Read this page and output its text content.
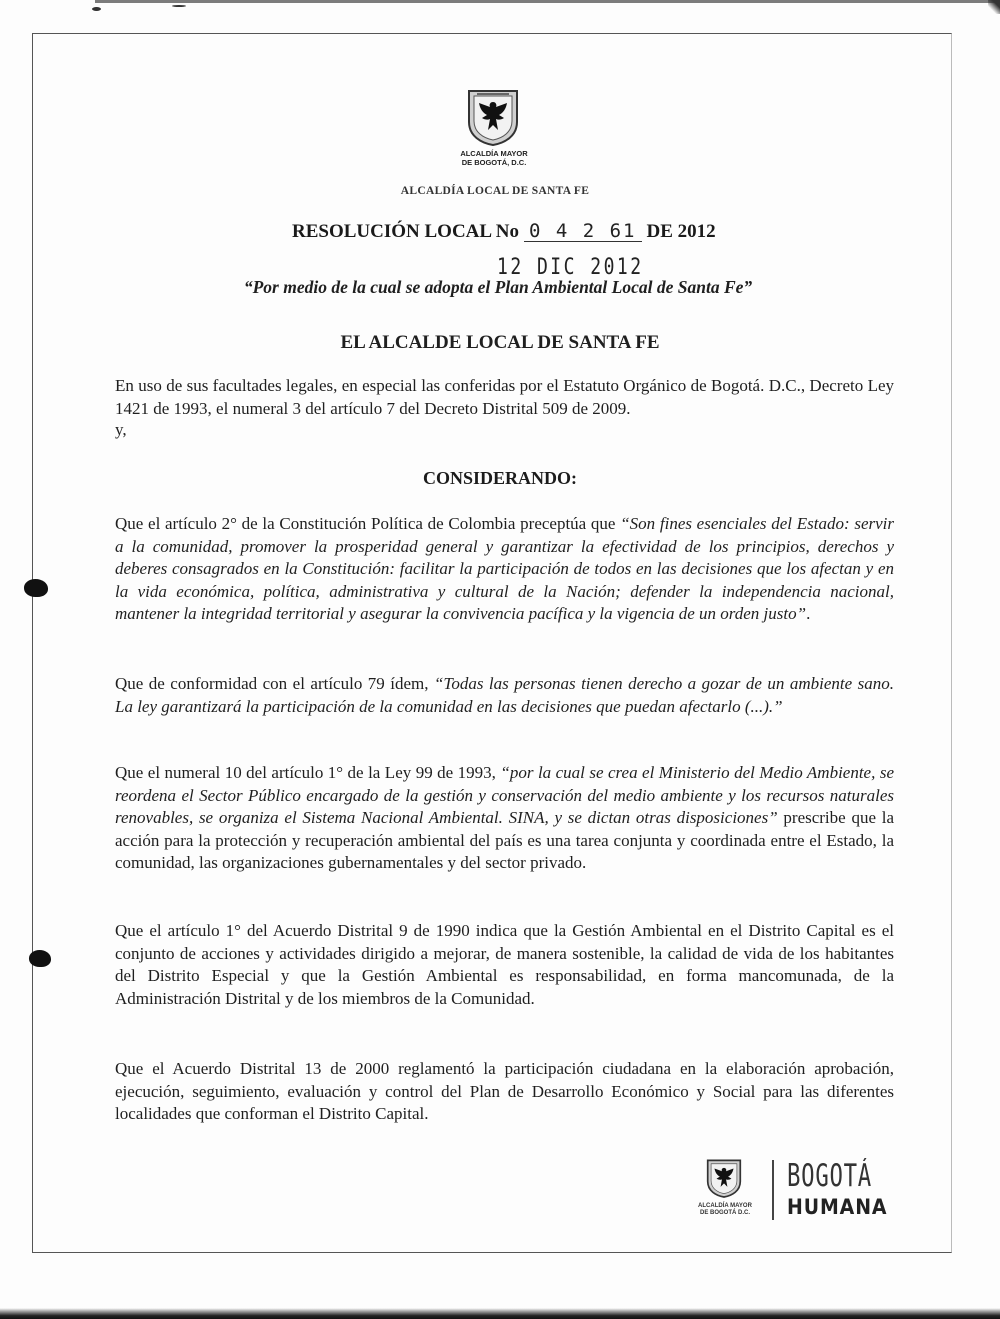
ALCALDÍA MAYOR
DE BOGOTÁ, D.C.
ALCALDÍA LOCAL DE SANTA FE
RESOLUCIÓN LOCAL No 0 4 2 61 DE 2012
12 DIC 2012
“Por medio de la cual se adopta el Plan Ambiental Local de Santa Fe”
EL ALCALDE LOCAL DE SANTA FE
En uso de sus facultades legales, en especial las conferidas por el Estatuto Orgánico de Bogotá. D.C., Decreto Ley 1421 de 1993, el numeral 3 del artículo 7 del Decreto Distrital 509 de 2009.
y,
CONSIDERANDO:
Que el artículo 2° de la Constitución Política de Colombia preceptúa que “Son fines esenciales del Estado: servir a la comunidad, promover la prosperidad general y garantizar la efectividad de los principios, derechos y deberes consagrados en la Constitución: facilitar la participación de todos en las decisiones que los afectan y en la vida económica, política, administrativa y cultural de la Nación; defender la independencia nacional, mantener la integridad territorial y asegurar la convivencia pacífica y la vigencia de un orden justo”.
Que de conformidad con el artículo 79 ídem, “Todas las personas tienen derecho a gozar de un ambiente sano. La ley garantizará la participación de la comunidad en las decisiones que puedan afectarlo (...).”
Que el numeral 10 del artículo 1° de la Ley 99 de 1993, “por la cual se crea el Ministerio del Medio Ambiente, se reordena el Sector Público encargado de la gestión y conservación del medio ambiente y los recursos naturales renovables, se organiza el Sistema Nacional Ambiental. SINA, y se dictan otras disposiciones” prescribe que la acción para la protección y recuperación ambiental del país es una tarea conjunta y coordinada entre el Estado, la comunidad, las organizaciones gubernamentales y del sector privado.
Que el artículo 1° del Acuerdo Distrital 9 de 1990 indica que la Gestión Ambiental en el Distrito Capital es el conjunto de acciones y actividades dirigido a mejorar, de manera sostenible, la calidad de vida de los habitantes del Distrito Especial y que la Gestión Ambiental es responsabilidad, en forma mancomunada, de la Administración Distrital y de los miembros de la Comunidad.
Que el Acuerdo Distrital 13 de 2000 reglamentó la participación ciudadana en la elaboración aprobación, ejecución, seguimiento, evaluación y control del Plan de Desarrollo Económico y Social para las diferentes localidades que conforman el Distrito Capital.
ALCALDÍA MAYOR
DE BOGOTÁ D.C.
BOGOTÁ
HUMANA
